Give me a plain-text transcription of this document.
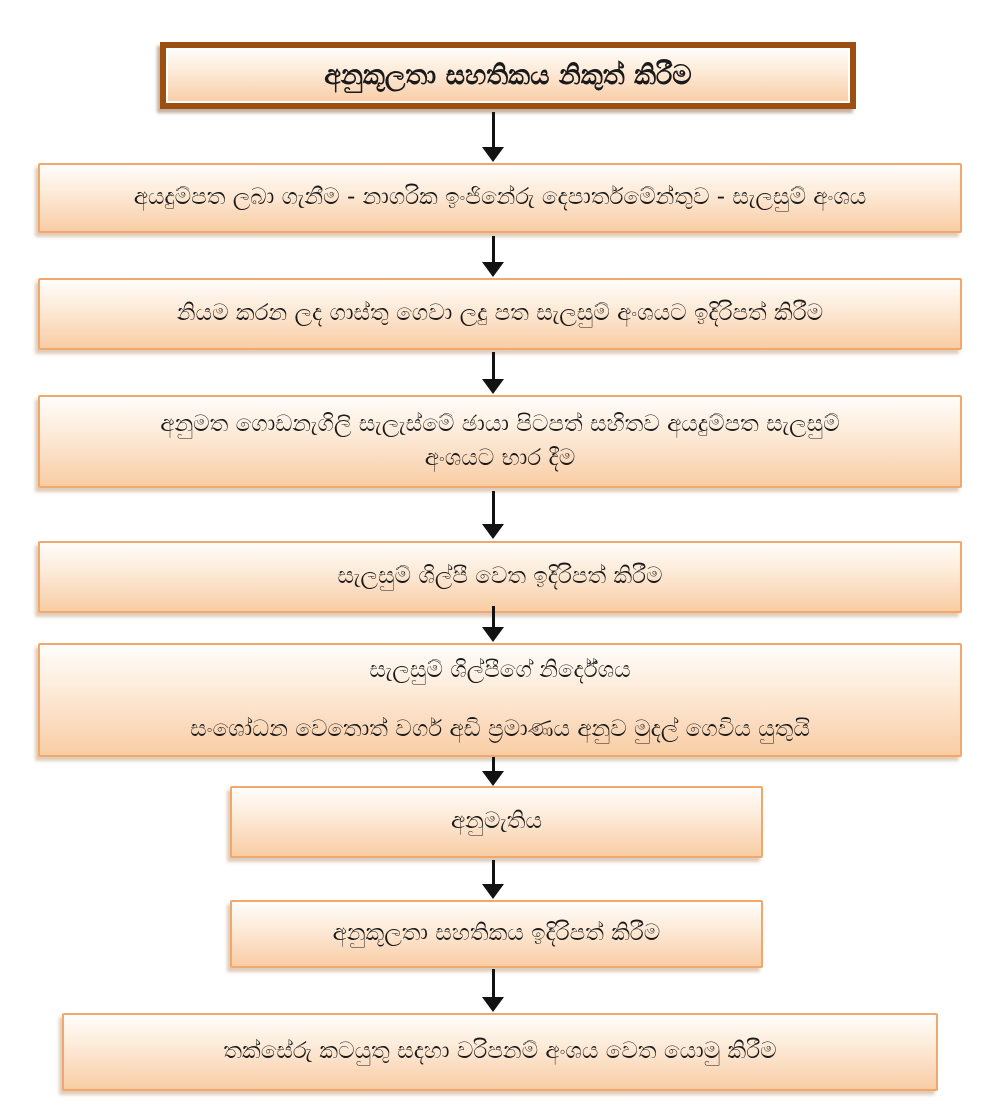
අනුකූලතා සහතිකය නිකුත් කිරීම
අයදුම්පත ලබා ගැනීම - නාගරික ඉංජිනේරු දෙපාර්තමේන්තුව - සැලසුම් අංශය
නියම කරන ලද ගාස්තු ගෙවා ලදු පත සැලසුම් අංශයට ඉදිරිපත් කිරීම
අනුමත ගොඩනැගිලි සැලැස්මේ ඡායා පිටපත් සහිතව අයදුම්පත සැලසුම්
අංශයට භාර දීම
සැලසුම් ශිල්පී වෙත ඉදිරිපත් කිරීම
සැලසුම් ශිල්පීගේ නිර්දේශය
සංශෝධන වෙතොත් වර්ග අඩි ප්‍රමාණය අනුව මුදල් ගෙවිය යුතුයි
අනුමැතිය
අනුකූලතා සහතිකය ඉදිරිපත් කිරීම
තක්සේරු කටයුතු සදහා වරිපනම් අංශය වෙත යොමු කිරීම
